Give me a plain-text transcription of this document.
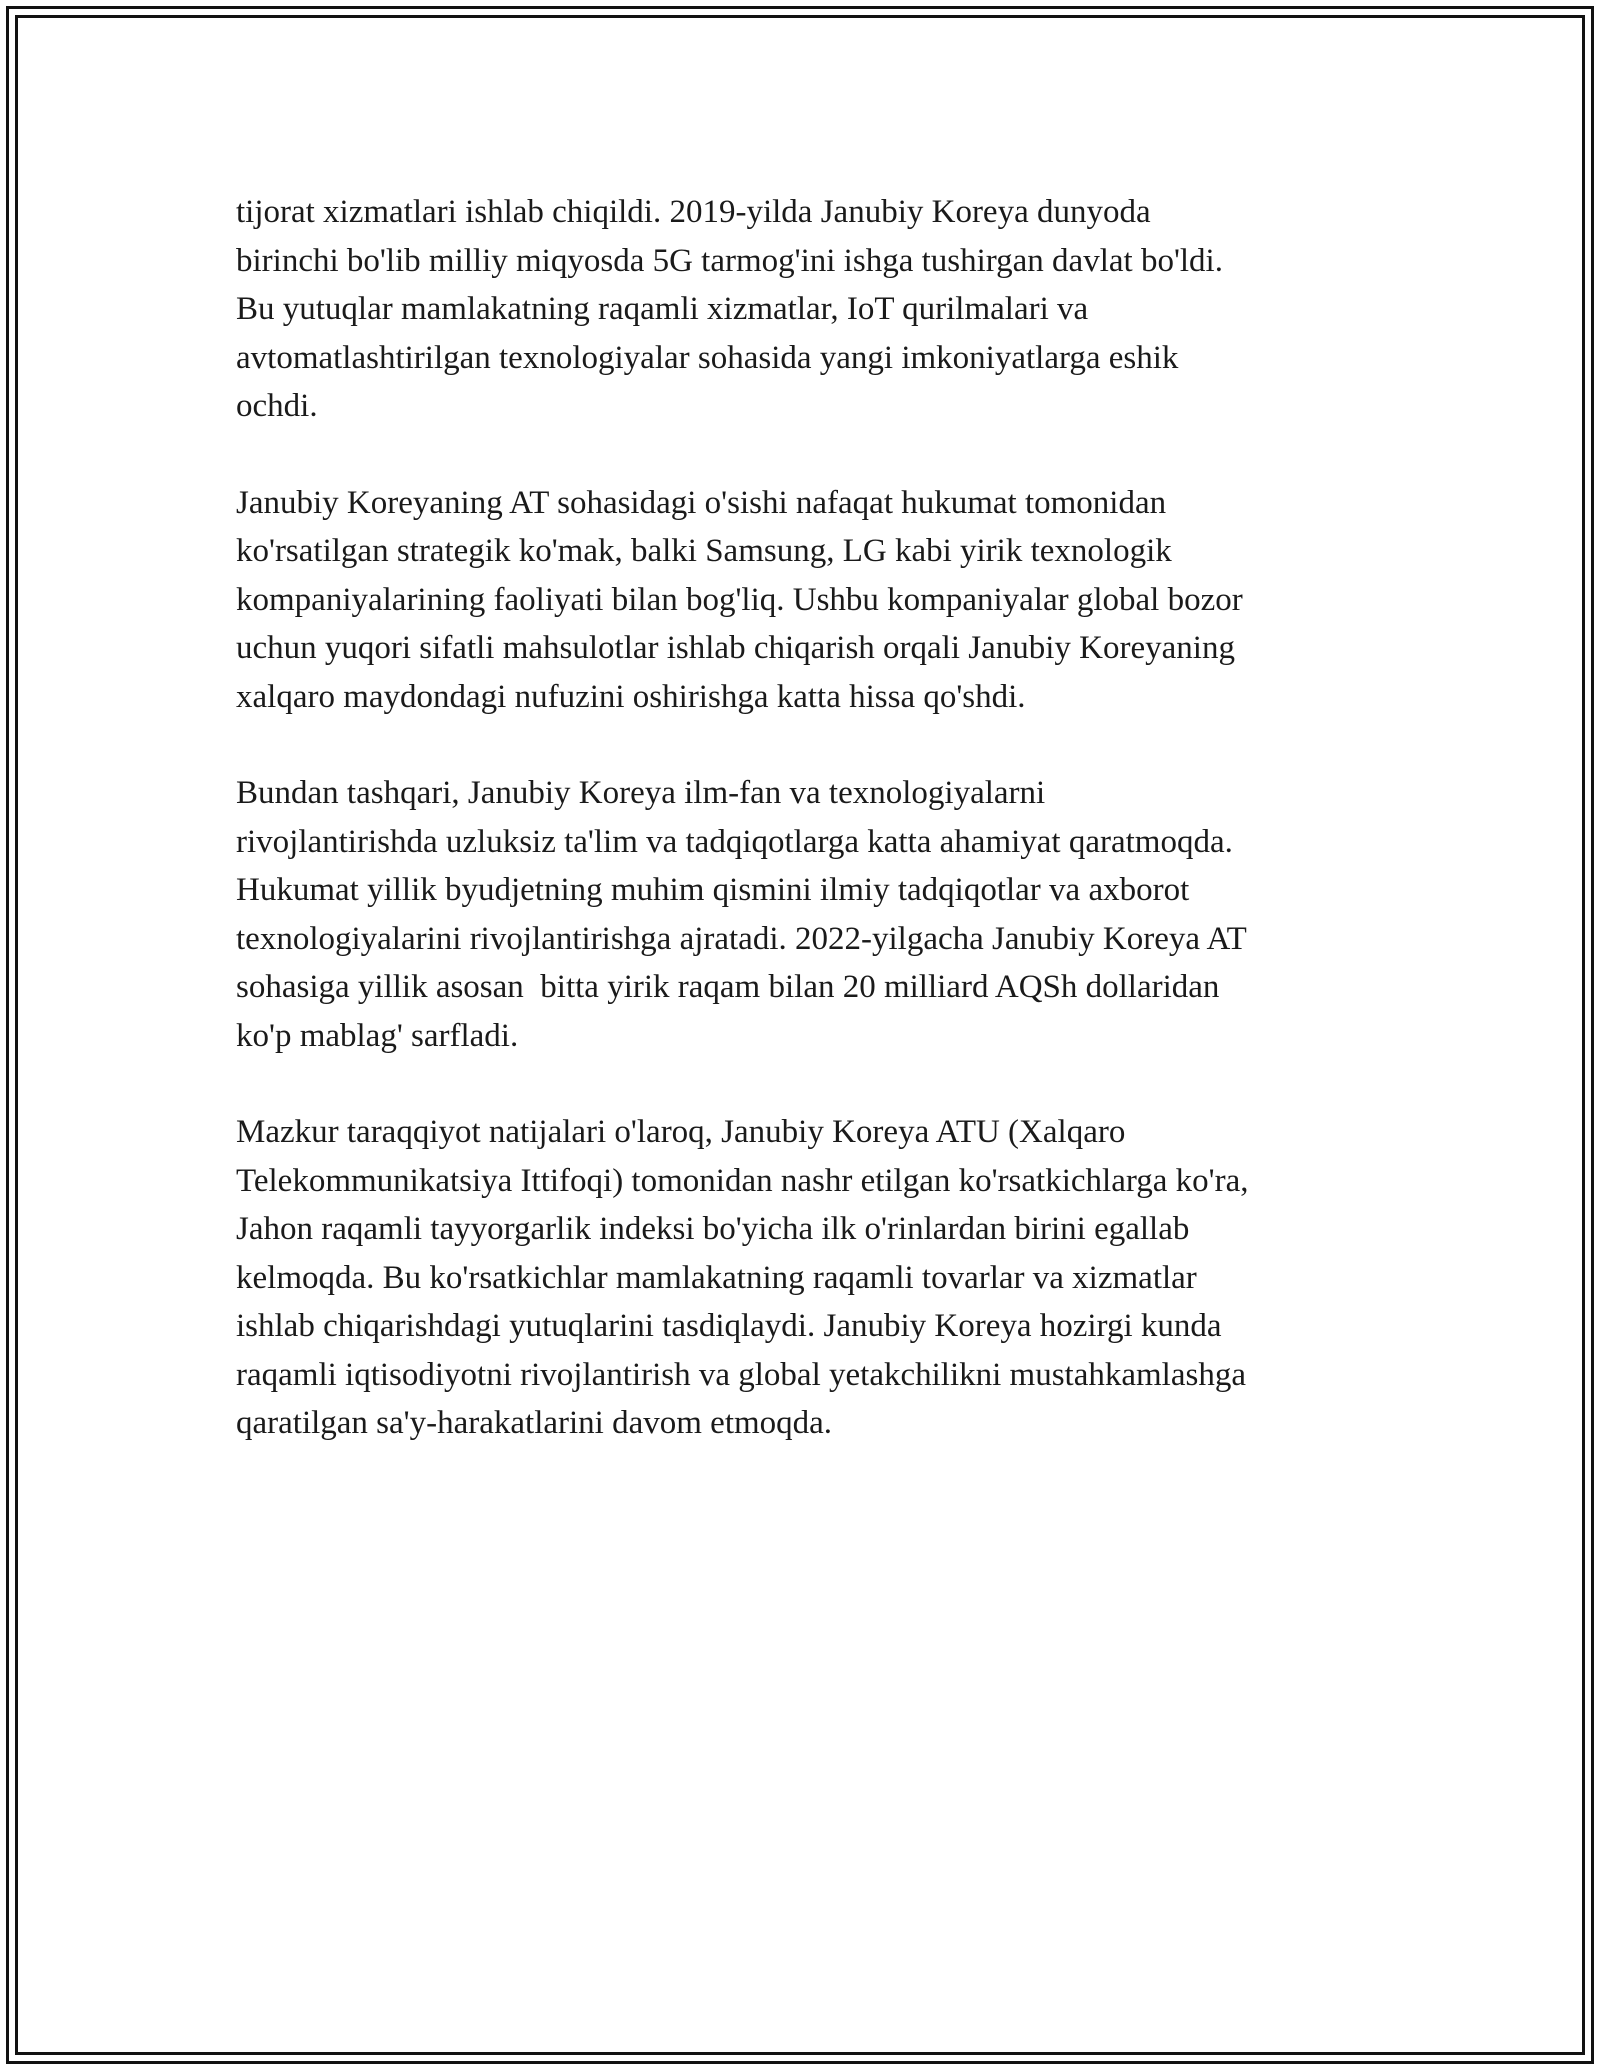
tijorat xizmatlari ishlab chiqildi. 2019-yilda Janubiy Koreya dunyoda
birinchi bo'lib milliy miqyosda 5G tarmog'ini ishga tushirgan davlat bo'ldi.
Bu yutuqlar mamlakatning raqamli xizmatlar, IoT qurilmalari va
avtomatlashtirilgan texnologiyalar sohasida yangi imkoniyatlarga eshik
ochdi.

Janubiy Koreyaning AT sohasidagi o'sishi nafaqat hukumat tomonidan
ko'rsatilgan strategik ko'mak, balki Samsung, LG kabi yirik texnologik
kompaniyalarining faoliyati bilan bog'liq. Ushbu kompaniyalar global bozor
uchun yuqori sifatli mahsulotlar ishlab chiqarish orqali Janubiy Koreyaning
xalqaro maydondagi nufuzini oshirishga katta hissa qo'shdi.

Bundan tashqari, Janubiy Koreya ilm-fan va texnologiyalarni
rivojlantirishda uzluksiz ta'lim va tadqiqotlarga katta ahamiyat qaratmoqda.
Hukumat yillik byudjetning muhim qismini ilmiy tadqiqotlar va axborot
texnologiyalarini rivojlantirishga ajratadi. 2022-yilgacha Janubiy Koreya AT
sohasiga yillik asosan  bitta yirik raqam bilan 20 milliard AQSh dollaridan
ko'p mablag' sarfladi.

Mazkur taraqqiyot natijalari o'laroq, Janubiy Koreya ATU (Xalqaro
Telekommunikatsiya Ittifoqi) tomonidan nashr etilgan ko'rsatkichlarga ko'ra,
Jahon raqamli tayyorgarlik indeksi bo'yicha ilk o'rinlardan birini egallab
kelmoqda. Bu ko'rsatkichlar mamlakatning raqamli tovarlar va xizmatlar
ishlab chiqarishdagi yutuqlarini tasdiqlaydi. Janubiy Koreya hozirgi kunda
raqamli iqtisodiyotni rivojlantirish va global yetakchilikni mustahkamlashga
qaratilgan sa'y-harakatlarini davom etmoqda.
